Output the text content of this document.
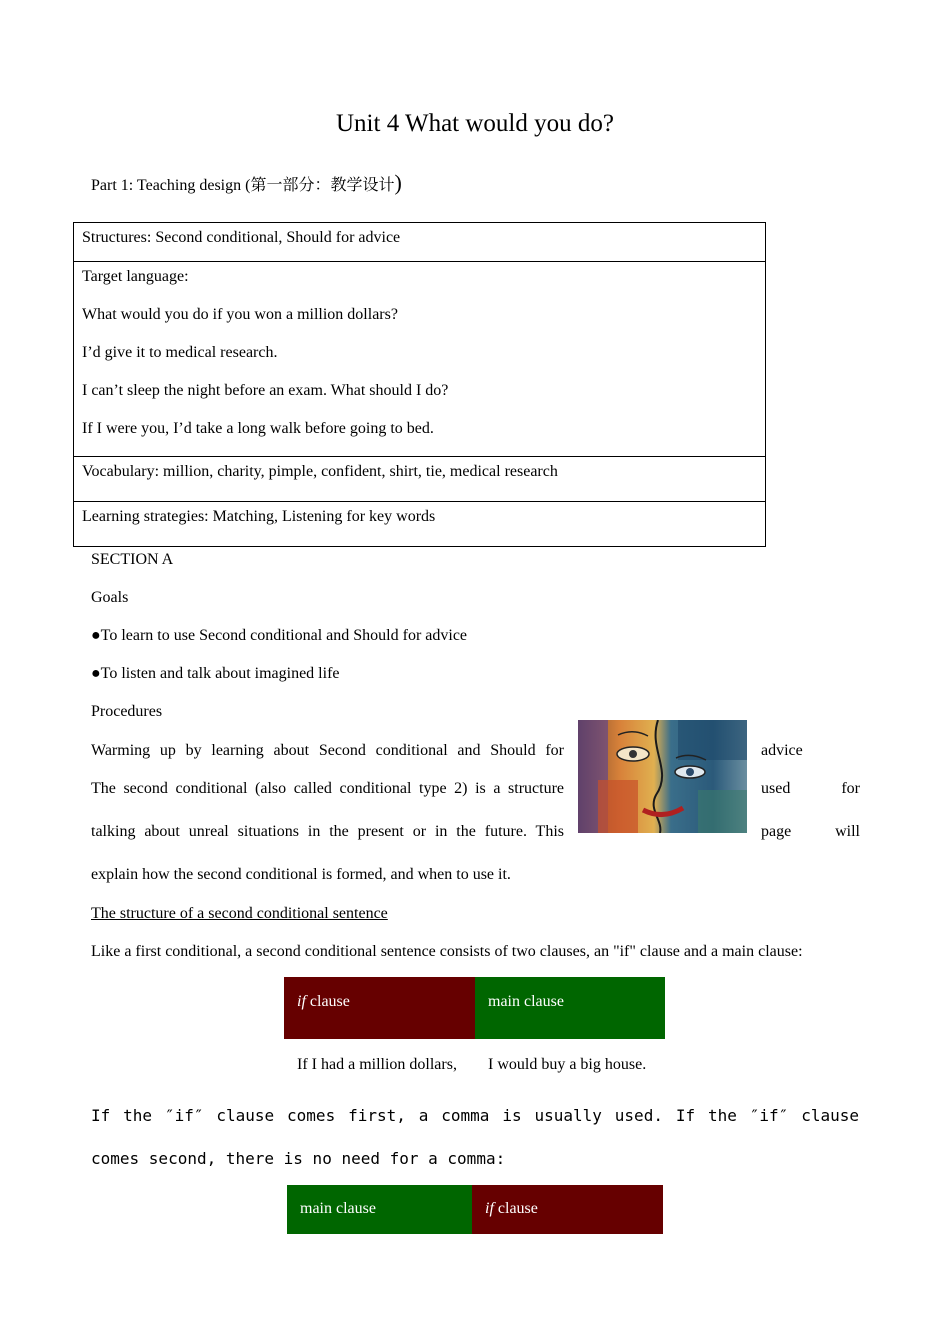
Unit 4 What would you do?
Part 1: Teaching design (第一部分：教学设计)
Structures: Second conditional, Should for advice

Target language:
What would you do if you won a million dollars?
I’d give it to medical research.
I can’t sleep the night before an exam. What should I do?
If I were you, I’d take a long walk before going to bed.

Vocabulary: million, charity, pimple, confident, shirt, tie, medical research

Learning strategies: Matching, Listening for key words
SECTION A
Goals
●To learn to use Second conditional and Should for advice
●To listen and talk about imagined life
Procedures
Warming up by learning about Second conditional and Should for	advice
The second conditional (also called conditional type 2) is a structure	used for
talking about unreal situations in the present or in the future. This	page will
explain how the second conditional is formed, and when to use it.
The structure of a second conditional sentence
Like a first conditional, a second conditional sentence consists of two clauses, an "if" clause and a main clause:
if clause	main clause
If I had a million dollars, I would buy a big house.
If the ″if″ clause comes first, a comma is usually used. If the ″if″ clause
comes second, there is no need for a comma:
main clause	if clause
